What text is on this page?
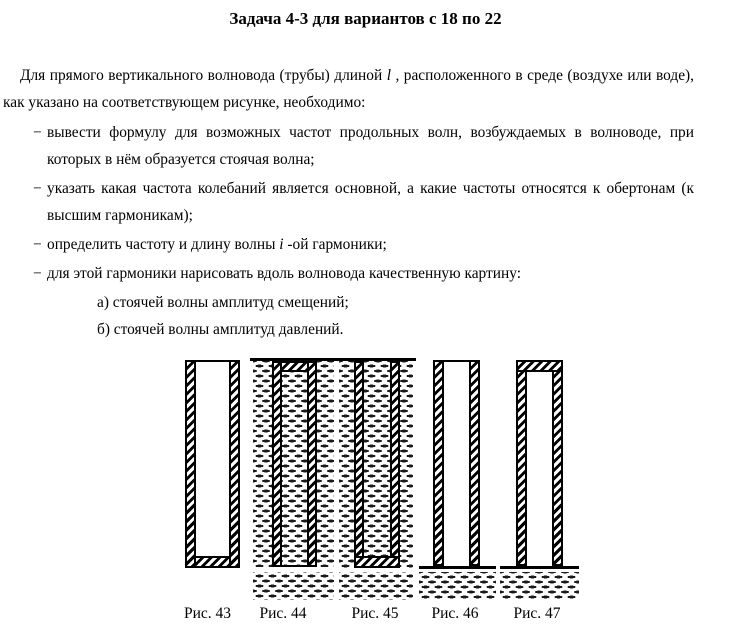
Задача 4-3 для вариантов с 18 по 22

Для прямого вертикального волновода (трубы) длиной l , расположенного в среде (воздухе или воде), как указано на соответствующем рисунке, необходимо:

− вывести формулу для возможных частот продольных волн, возбуждаемых в волноводе, при которых в нём образуется стоячая волна;

− указать какая частота колебаний является основной, а какие частоты относятся к обертонам (к высшим гармоникам);

− определить частоту и длину волны i -ой гармоники;

− для этой гармоники нарисовать вдоль волновода качественную картину:

а) стоячей волны амплитуд смещений;

б) стоячей волны амплитуд давлений.

Рис. 43	Рис. 44	Рис. 45	Рис. 46	Рис. 47
